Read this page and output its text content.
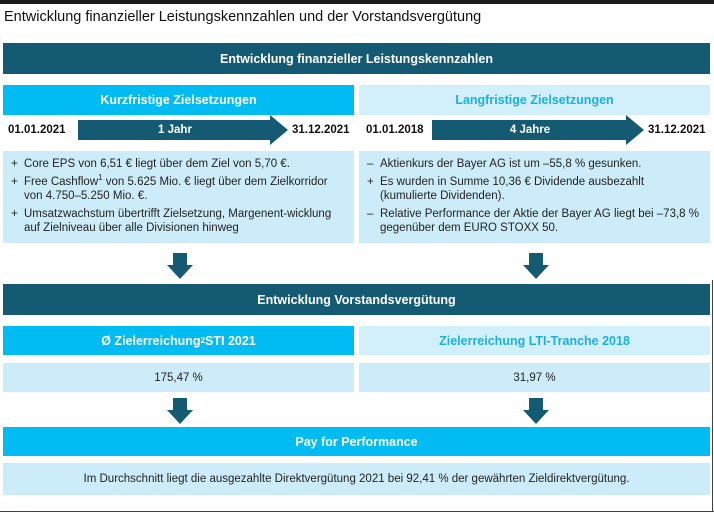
Entwicklung finanzieller Leistungskennzahlen und der Vorstandsvergütung
Entwicklung finanzieller Leistungskennzahlen
Kurzfristige Zielsetzungen	Langfristige Zielsetzungen
01.01.2021	1 Jahr	31.12.2021 01.01.2018	4 Jahre	31.12.2021
+ Core EPS von 6,51 € liegt über dem Ziel von 5,70 €.
+ Free Cashflow$^1$ von 5.625 Mio. € liegt über dem Zielkorridor von 4.750–5.250 Mio. €.
+ Umsatzwachstum übertrifft Zielsetzung, Margenent-wicklung auf Zielniveau über alle Divisionen hinweg
– Aktienkurs der Bayer AG ist um –55,8 % gesunken.
+ Es wurden in Summe 10,36 € Dividende ausbezahlt (kumulierte Dividenden).
– Relative Performance der Aktie der Bayer AG liegt bei –73,8 % gegenüber dem EURO STOXX 50.
Entwicklung Vorstandsvergütung
Ø Zielerreichung 2 STI 2021	Zielerreichung LTI-Tranche 2018
175,47 %	31,97 %
Pay for Performance
Im Durchschnitt liegt die ausgezahlte Direktvergütung 2021 bei 92,41 % der gewährten Zieldirektvergütung.
